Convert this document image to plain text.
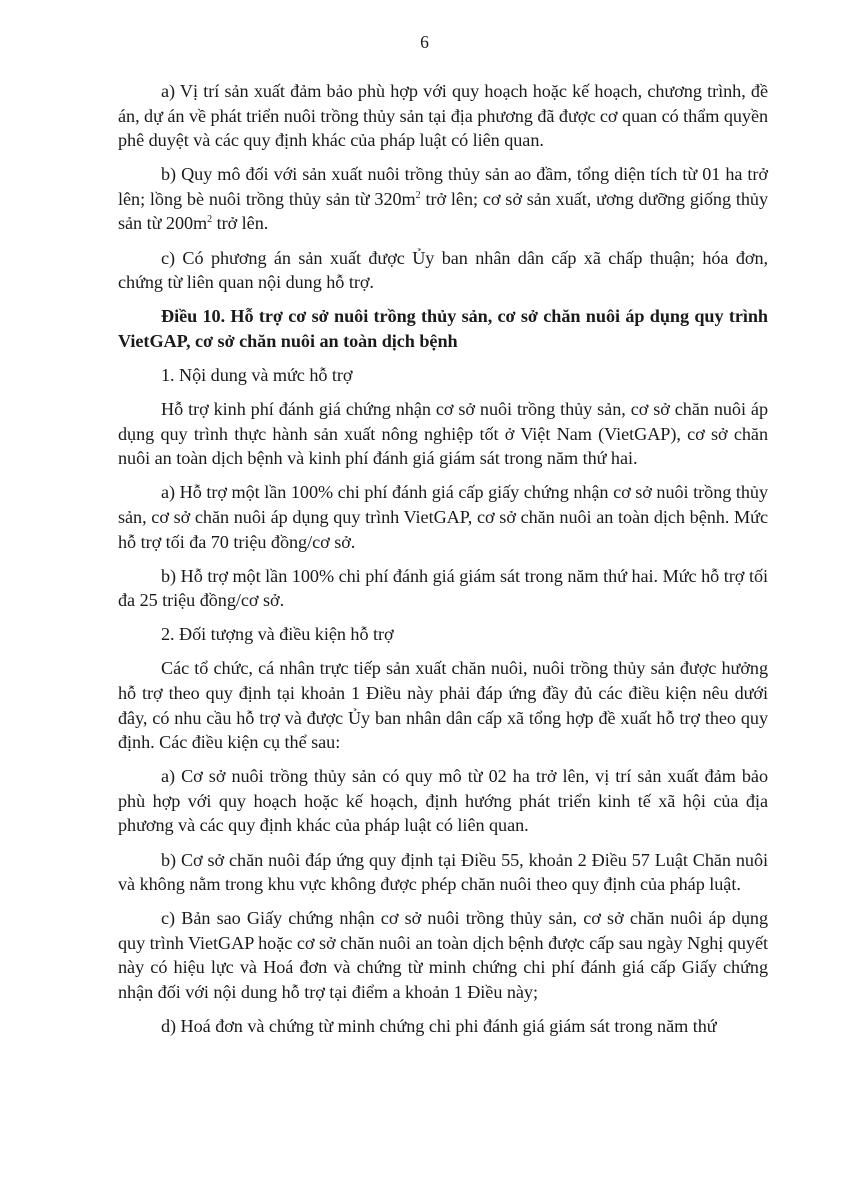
6

a) Vị trí sản xuất đảm bảo phù hợp với quy hoạch hoặc kế hoạch, chương trình, đề án, dự án về phát triển nuôi trồng thủy sản tại địa phương đã được cơ quan có thẩm quyền phê duyệt và các quy định khác của pháp luật có liên quan.

b) Quy mô đối với sản xuất nuôi trồng thủy sản ao đầm, tổng diện tích từ 01 ha trở lên; lồng bè nuôi trồng thủy sản từ $320m^2$ trở lên; cơ sở sản xuất, ương dưỡng giống thủy sản từ $200m^2$ trở lên.

c) Có phương án sản xuất được Ủy ban nhân dân cấp xã chấp thuận; hóa đơn, chứng từ liên quan nội dung hỗ trợ.

Điều 10. Hỗ trợ cơ sở nuôi trồng thủy sản, cơ sở chăn nuôi áp dụng quy trình VietGAP, cơ sở chăn nuôi an toàn dịch bệnh

1. Nội dung và mức hỗ trợ

Hỗ trợ kinh phí đánh giá chứng nhận cơ sở nuôi trồng thủy sản, cơ sở chăn nuôi áp dụng quy trình thực hành sản xuất nông nghiệp tốt ở Việt Nam (VietGAP), cơ sở chăn nuôi an toàn dịch bệnh và kinh phí đánh giá giám sát trong năm thứ hai.

a) Hỗ trợ một lần 100% chi phí đánh giá cấp giấy chứng nhận cơ sở nuôi trồng thủy sản, cơ sở chăn nuôi áp dụng quy trình VietGAP, cơ sở chăn nuôi an toàn dịch bệnh. Mức hỗ trợ tối đa 70 triệu đồng/cơ sở.

b) Hỗ trợ một lần 100% chi phí đánh giá giám sát trong năm thứ hai. Mức hỗ trợ tối đa 25 triệu đồng/cơ sở.

2. Đối tượng và điều kiện hỗ trợ

Các tổ chức, cá nhân trực tiếp sản xuất chăn nuôi, nuôi trồng thủy sản được hưởng hỗ trợ theo quy định tại khoản 1 Điều này phải đáp ứng đầy đủ các điều kiện nêu dưới đây, có nhu cầu hỗ trợ và được Ủy ban nhân dân cấp xã tổng hợp đề xuất hỗ trợ theo quy định. Các điều kiện cụ thể sau:

a) Cơ sở nuôi trồng thủy sản có quy mô từ 02 ha trở lên, vị trí sản xuất đảm bảo phù hợp với quy hoạch hoặc kế hoạch, định hướng phát triển kinh tế xã hội của địa phương và các quy định khác của pháp luật có liên quan.

b) Cơ sở chăn nuôi đáp ứng quy định tại Điều 55, khoản 2 Điều 57 Luật Chăn nuôi và không nằm trong khu vực không được phép chăn nuôi theo quy định của pháp luật.

c) Bản sao Giấy chứng nhận cơ sở nuôi trồng thủy sản, cơ sở chăn nuôi áp dụng quy trình VietGAP hoặc cơ sở chăn nuôi an toàn dịch bệnh được cấp sau ngày Nghị quyết này có hiệu lực và Hoá đơn và chứng từ minh chứng chi phí đánh giá cấp Giấy chứng nhận đối với nội dung hỗ trợ tại điểm a khoản 1 Điều này;

d) Hoá đơn và chứng từ minh chứng chi phi đánh giá giám sát trong năm thứ
